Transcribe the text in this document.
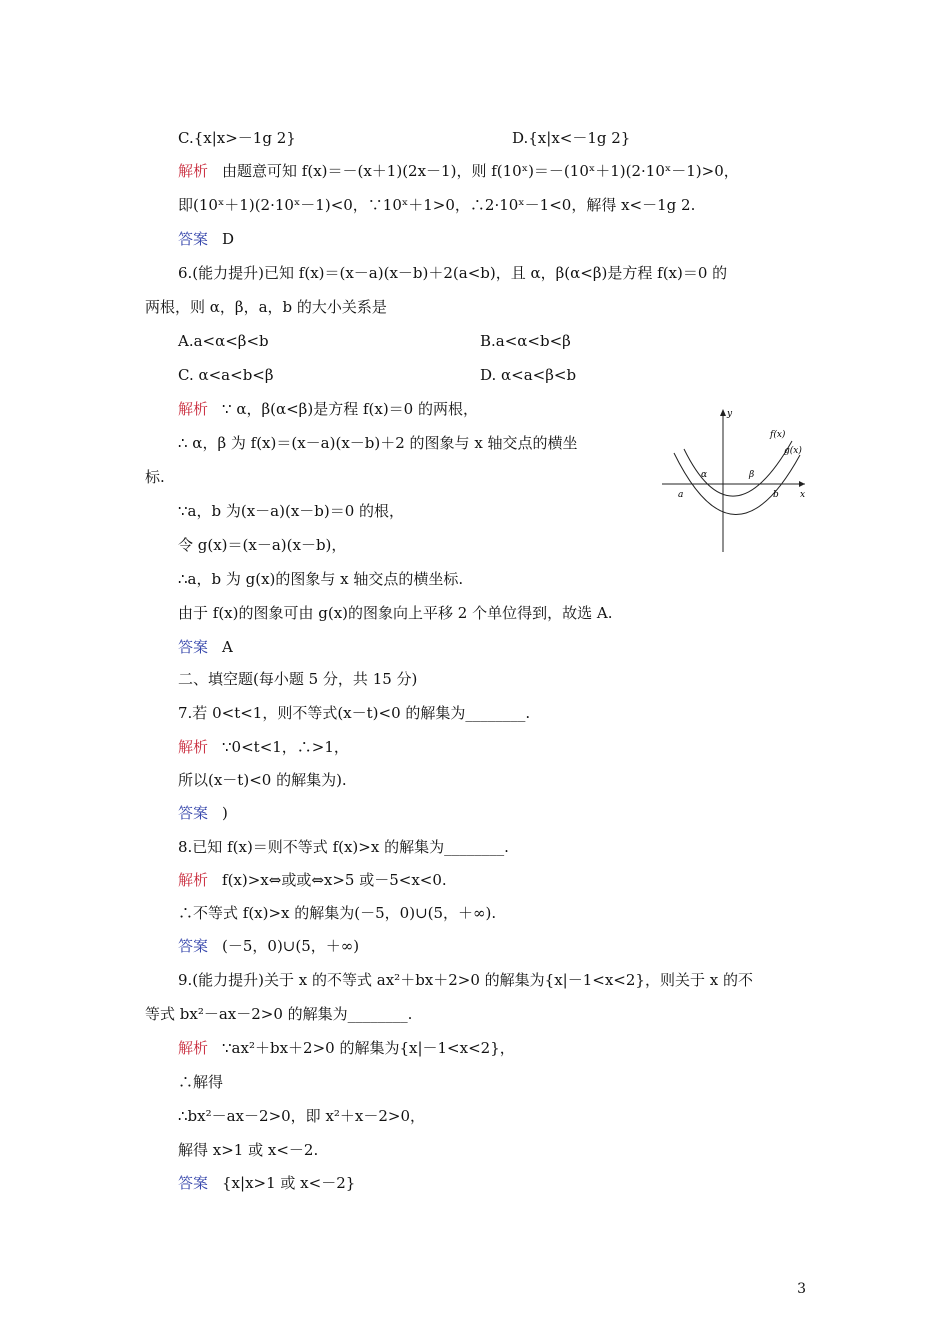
C.{x|x>－1g 2}	D.{x|x<－1g 2}
解析 由题意可知 f(x)＝－(x＋1)(2x－1)，则 f(10ˣ)＝－(10ˣ＋1)(2·10ˣ－1)>0，
即(10ˣ＋1)(2·10ˣ－1)<0，∵10ˣ＋1>0，∴2·10ˣ－1<0，解得 x<－1g 2.
答案 D
6.(能力提升)已知 f(x)＝(x－a)(x－b)＋2(a<b)，且 α，β(α<β)是方程 f(x)＝0 的
两根，则 α，β，a，b 的大小关系是
A.a<α<β<b	B.a<α<b<β
C. α<a<b<β	D. α<a<β<b
解析 ∵ α，β(α<β)是方程 f(x)＝0 的两根，
∴ α，β 为 f(x)＝(x－a)(x－b)＋2 的图象与 x 轴交点的横坐
标.
∵a，b 为(x－a)(x－b)＝0 的根，
令 g(x)＝(x－a)(x－b)，
∴a，b 为 g(x)的图象与 x 轴交点的横坐标.
由于 f(x)的图象可由 g(x)的图象向上平移 2 个单位得到，故选 A.
答案 A
二、填空题(每小题 5 分，共 15 分)
7.若 0<t<1，则不等式(x－t)<0 的解集为________.
解析 ∵0<t<1，∴>1，
所以(x－t)<0 的解集为).
答案 )
8.已知 f(x)＝则不等式 f(x)>x 的解集为________.
解析 f(x)>x⇔或或⇔x>5 或－5<x<0.
∴不等式 f(x)>x 的解集为(－5，0)∪(5，＋∞).
答案 (－5，0)∪(5，＋∞)
9.(能力提升)关于 x 的不等式 ax²＋bx＋2>0 的解集为{x|－1<x<2}，则关于 x 的不
等式 bx²－ax－2>0 的解集为________.
解析 ∵ax²＋bx＋2>0 的解集为{x|－1<x<2}，
∴解得
∴bx²－ax－2>0，即 x²＋x－2>0，
解得 x>1 或 x<－2.
答案 {x|x>1 或 x<－2}
y
x
f(x)
g(x)
α	β
a	b
3
